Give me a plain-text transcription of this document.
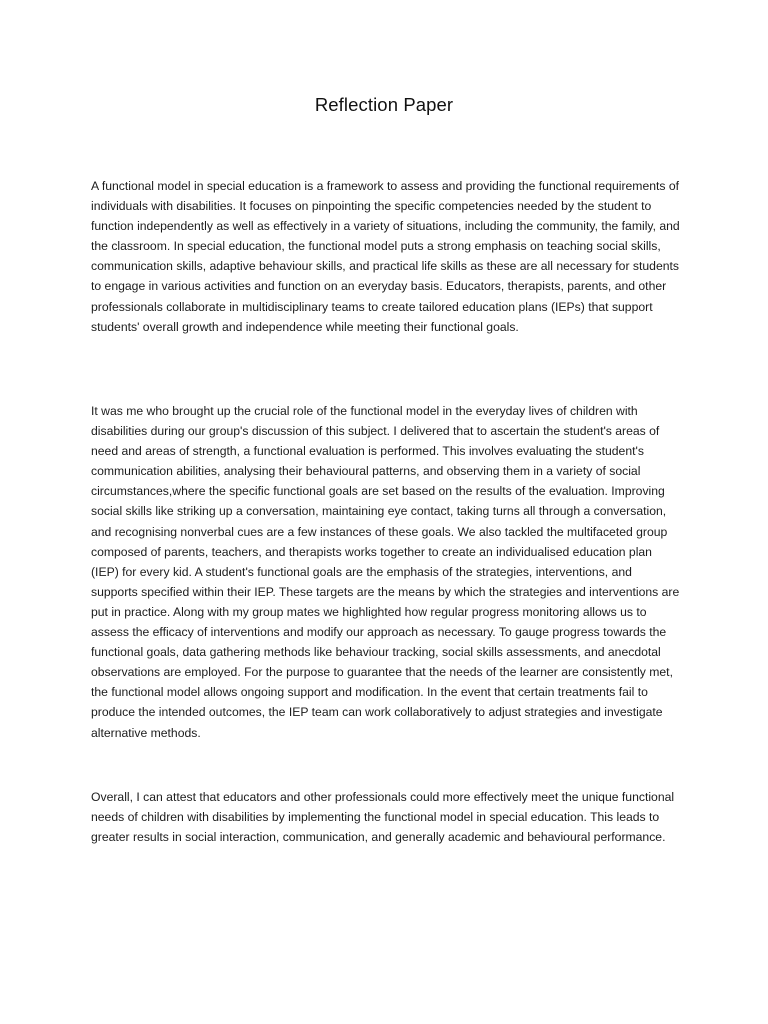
Reflection Paper

A functional model in special education is a framework to assess and providing the functional requirements of individuals with disabilities. It focuses on pinpointing the specific competencies needed by the student to function independently as well as effectively in a variety of situations, including the community, the family, and the classroom. In special education, the functional model puts a strong emphasis on teaching social skills, communication skills, adaptive behaviour skills, and practical life skills as these are all necessary for students to engage in various activities and function on an everyday basis. Educators, therapists, parents, and other professionals collaborate in multidisciplinary teams to create tailored education plans (IEPs) that support students' overall growth and independence while meeting their functional goals.

It was me who brought up the crucial role of the functional model in the everyday lives of children with disabilities during our group's discussion of this subject. I delivered that to ascertain the student's areas of need and areas of strength, a functional evaluation is performed. This involves evaluating the student's communication abilities, analysing their behavioural patterns, and observing them in a variety of social circumstances,where the specific functional goals are set based on the results of the evaluation. Improving social skills like striking up a conversation, maintaining eye contact, taking turns all through a conversation, and recognising nonverbal cues are a few instances of these goals. We also tackled the multifaceted group composed of parents, teachers, and therapists works together to create an individualised education plan (IEP) for every kid. A student's functional goals are the emphasis of the strategies, interventions, and supports specified within their IEP. These targets are the means by which the strategies and interventions are put in practice. Along with my group mates we highlighted how regular progress monitoring allows us to assess the efficacy of interventions and modify our approach as necessary. To gauge progress towards the functional goals, data gathering methods like behaviour tracking, social skills assessments, and anecdotal observations are employed. For the purpose to guarantee that the needs of the learner are consistently met, the functional model allows ongoing support and modification. In the event that certain treatments fail to produce the intended outcomes, the IEP team can work collaboratively to adjust strategies and investigate alternative methods.

Overall, I can attest that educators and other professionals could more effectively meet the unique functional needs of children with disabilities by implementing the functional model in special education. This leads to greater results in social interaction, communication, and generally academic and behavioural performance.
